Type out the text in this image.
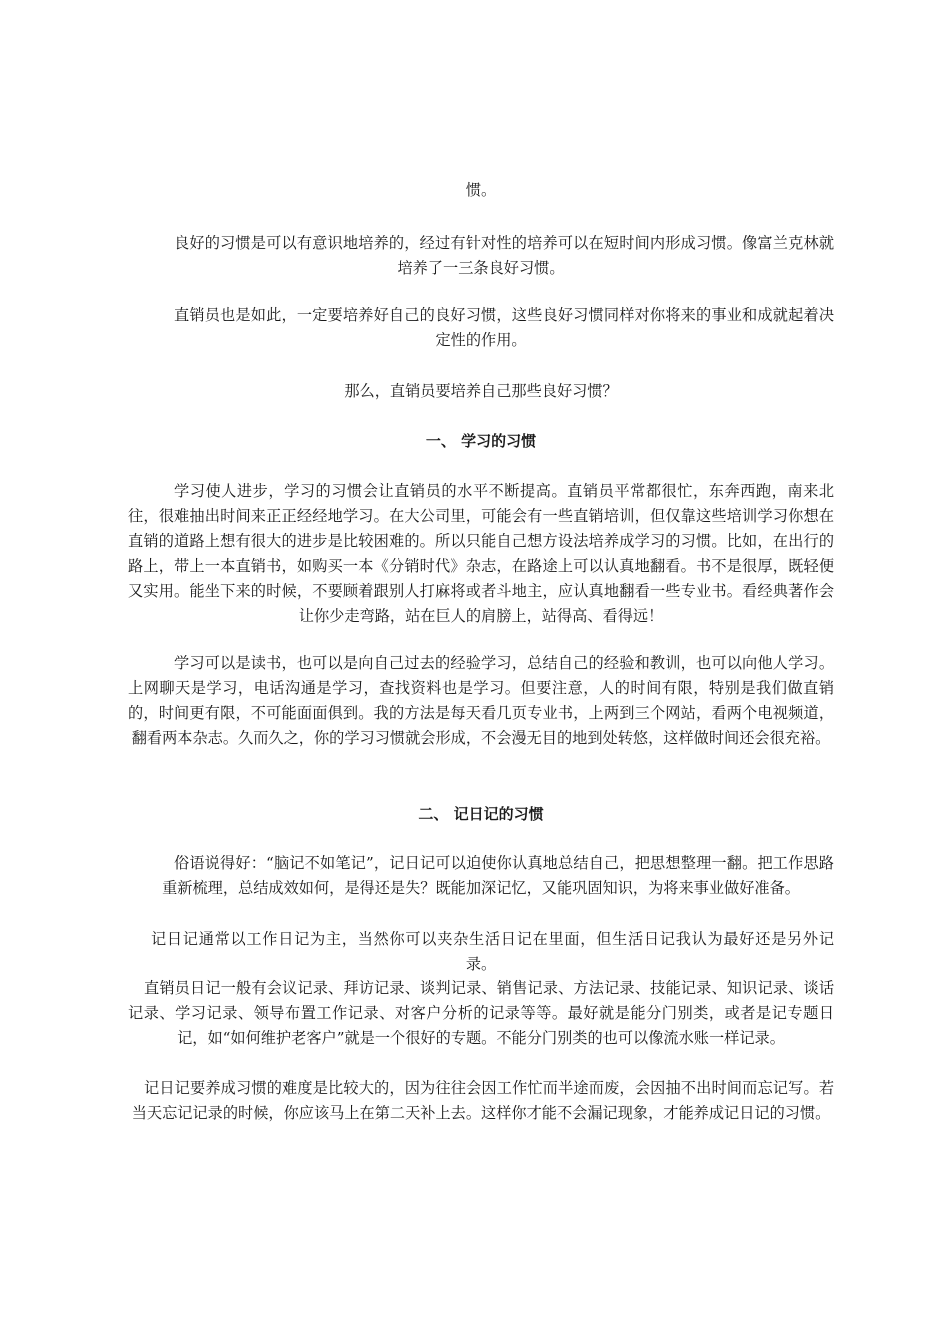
惯。
良好的习惯是可以有意识地培养的，经过有针对性的培养可以在短时间内形成习惯。像富兰克林就培养了一三条良好习惯。
直销员也是如此，一定要培养好自己的良好习惯，这些良好习惯同样对你将来的事业和成就起着决定性的作用。
那么，直销员要培养自己那些良好习惯？
一、 学习的习惯
学习使人进步，学习的习惯会让直销员的水平不断提高。直销员平常都很忙，东奔西跑，南来北往，很难抽出时间来正正经经地学习。在大公司里，可能会有一些直销培训，但仅靠这些培训学习你想在直销的道路上想有很大的进步是比较困难的。所以只能自己想方设法培养成学习的习惯。比如，在出行的路上，带上一本直销书，如购买一本《分销时代》杂志，在路途上可以认真地翻看。书不是很厚，既轻便又实用。能坐下来的时候，不要顾着跟别人打麻将或者斗地主，应认真地翻看一些专业书。看经典著作会让你少走弯路，站在巨人的肩膀上，站得高、看得远！
学习可以是读书，也可以是向自己过去的经验学习，总结自己的经验和教训，也可以向他人学习。上网聊天是学习，电话沟通是学习，查找资料也是学习。但要注意，人的时间有限，特别是我们做直销的，时间更有限，不可能面面俱到。我的方法是每天看几页专业书，上两到三个网站，看两个电视频道，翻看两本杂志。久而久之，你的学习习惯就会形成，不会漫无目的地到处转悠，这样做时间还会很充裕。
二、 记日记的习惯
俗语说得好：“脑记不如笔记”，记日记可以迫使你认真地总结自己，把思想整理一翻。把工作思路重新梳理，总结成效如何，是得还是失？既能加深记忆，又能巩固知识，为将来事业做好准备。
记日记通常以工作日记为主，当然你可以夹杂生活日记在里面，但生活日记我认为最好还是另外记录。
直销员日记一般有会议记录、拜访记录、谈判记录、销售记录、方法记录、技能记录、知识记录、谈话记录、学习记录、领导布置工作记录、对客户分析的记录等等。最好就是能分门别类，或者是记专题日记，如“如何维护老客户”就是一个很好的专题。不能分门别类的也可以像流水账一样记录。
记日记要养成习惯的难度是比较大的，因为往往会因工作忙而半途而废，会因抽不出时间而忘记写。若当天忘记记录的时候，你应该马上在第二天补上去。这样你才能不会漏记现象，才能养成记日记的习惯。
